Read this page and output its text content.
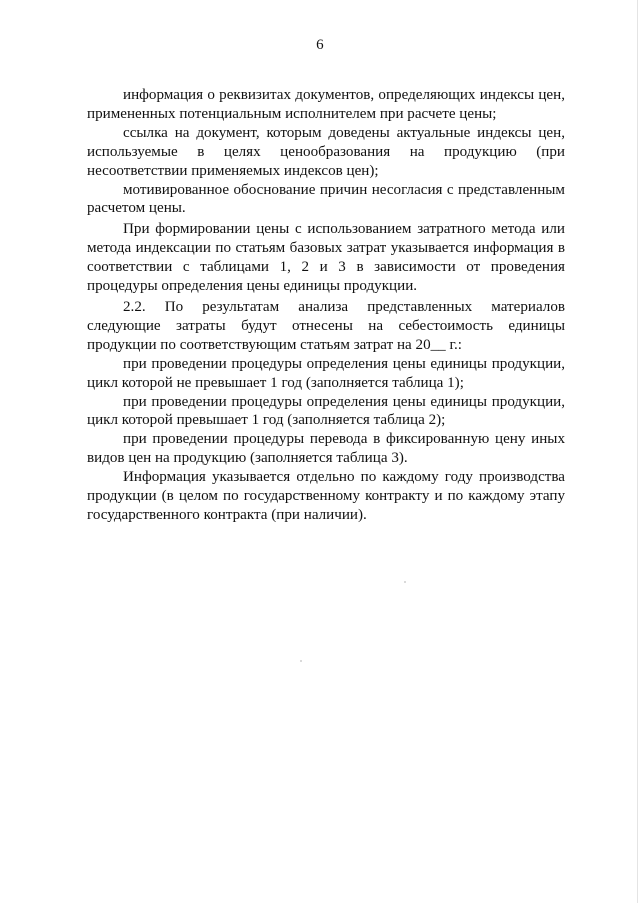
6

информация о реквизитах документов, определяющих индексы цен, примененных потенциальным исполнителем при расчете цены;

ссылка на документ, которым доведены актуальные индексы цен, используемые в целях ценообразования на продукцию (при несоответствии применяемых индексов цен);

мотивированное обоснование причин несогласия с представленным расчетом цены.

При формировании цены с использованием затратного метода или метода индексации по статьям базовых затрат указывается информация в соответствии с таблицами 1, 2 и 3 в зависимости от проведения процедуры определения цены единицы продукции.

2.2. По результатам анализа представленных материалов следующие затраты будут отнесены на себестоимость единицы продукции по соответствующим статьям затрат на 20__ г.:

при проведении процедуры определения цены единицы продукции, цикл которой не превышает 1 год (заполняется таблица 1);

при проведении процедуры определения цены единицы продукции, цикл которой превышает 1 год (заполняется таблица 2);

при проведении процедуры перевода в фиксированную цену иных видов цен на продукцию (заполняется таблица 3).

Информация указывается отдельно по каждому году производства продукции (в целом по государственному контракту и по каждому этапу государственного контракта (при наличии).
